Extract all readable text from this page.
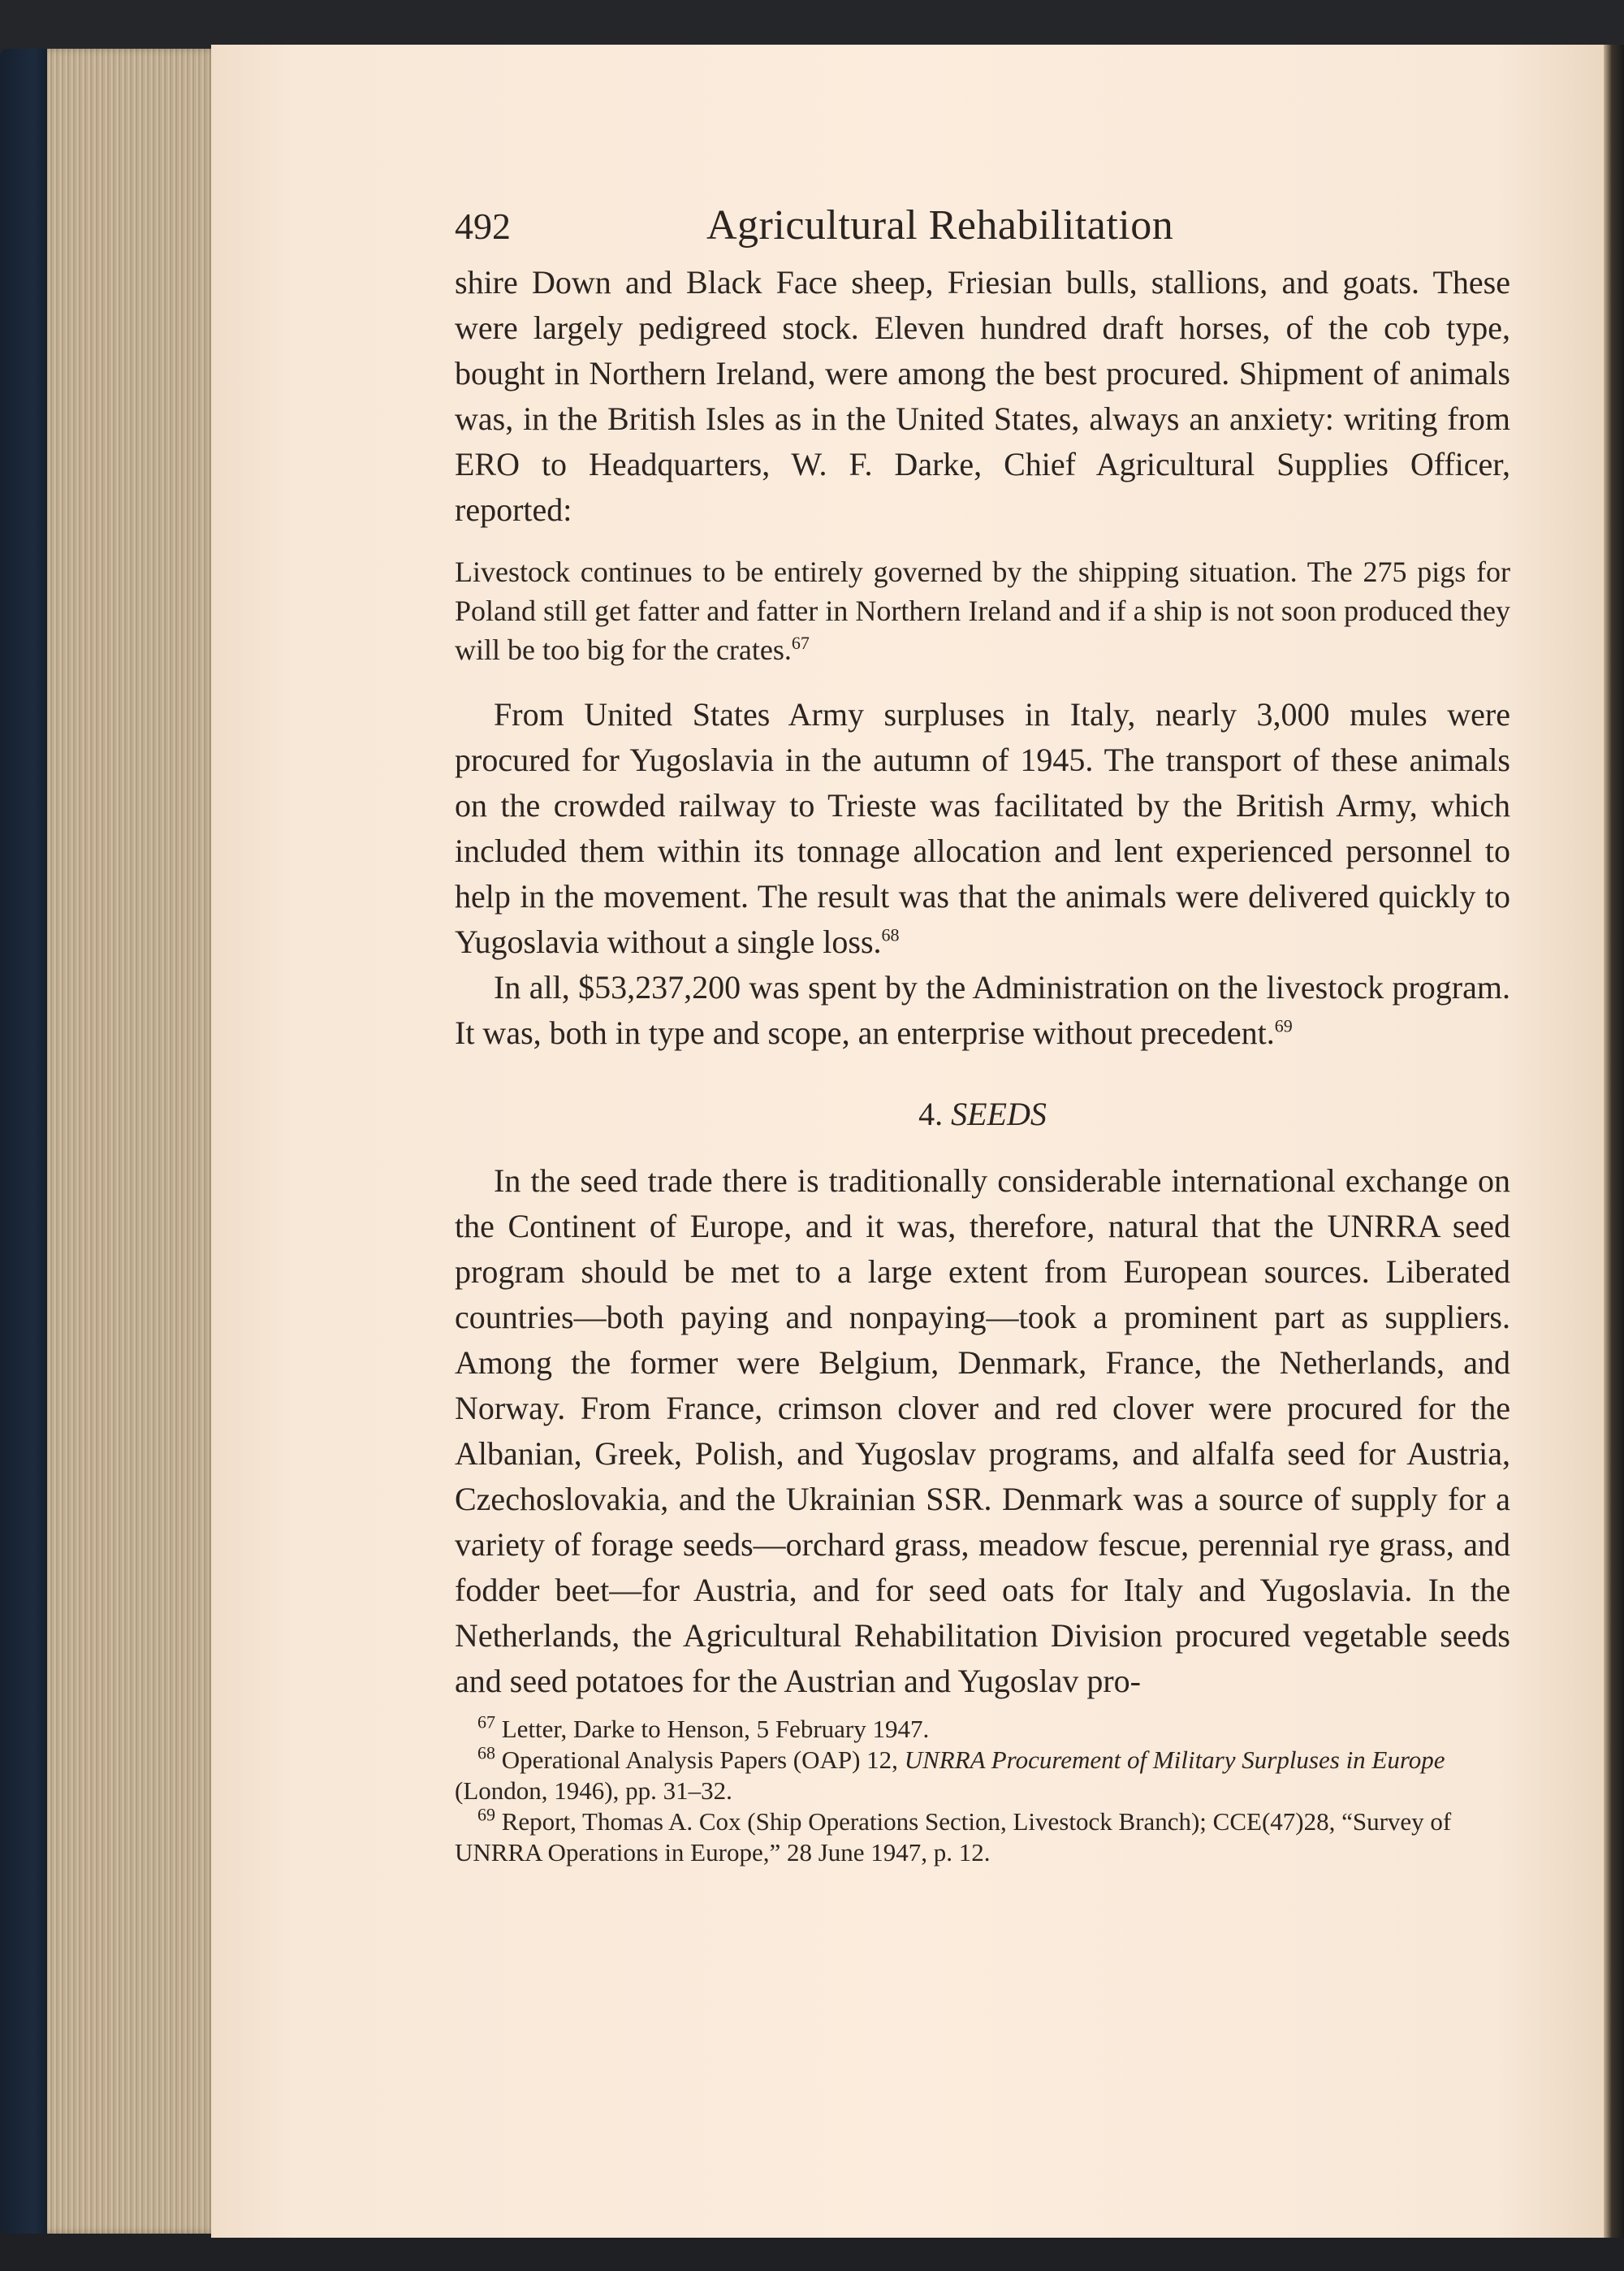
492	Agricultural Rehabilitation

shire Down and Black Face sheep, Friesian bulls, stallions, and goats. These were largely pedigreed stock. Eleven hundred draft horses, of the cob type, bought in Northern Ireland, were among the best procured. Shipment of animals was, in the British Isles as in the United States, always an anxiety: writing from ERO to Headquarters, W. F. Darke, Chief Agricultural Supplies Officer, reported:

Livestock continues to be entirely governed by the shipping situation. The 275 pigs for Poland still get fatter and fatter in Northern Ireland and if a ship is not soon produced they will be too big for the crates.$^{67}$

From United States Army surpluses in Italy, nearly 3,000 mules were procured for Yugoslavia in the autumn of 1945. The transport of these animals on the crowded railway to Trieste was facilitated by the British Army, which included them within its tonnage allocation and lent experienced personnel to help in the movement. The result was that the animals were delivered quickly to Yugoslavia without a single loss.$^{68}$

In all, $53,237,200 was spent by the Administration on the livestock program. It was, both in type and scope, an enterprise without precedent.$^{69}$

4. SEEDS

In the seed trade there is traditionally considerable international exchange on the Continent of Europe, and it was, therefore, natural that the UNRRA seed program should be met to a large extent from European sources. Liberated countries—both paying and nonpaying—took a prominent part as suppliers. Among the former were Belgium, Denmark, France, the Netherlands, and Norway. From France, crimson clover and red clover were procured for the Albanian, Greek, Polish, and Yugoslav programs, and alfalfa seed for Austria, Czechoslovakia, and the Ukrainian SSR. Denmark was a source of supply for a variety of forage seeds—orchard grass, meadow fescue, perennial rye grass, and fodder beet—for Austria, and for seed oats for Italy and Yugoslavia. In the Netherlands, the Agricultural Rehabilitation Division procured vegetable seeds and seed potatoes for the Austrian and Yugoslav pro-

$^{67}$ Letter, Darke to Henson, 5 February 1947.

$^{68}$ Operational Analysis Papers (OAP) 12, UNRRA Procurement of Military Surpluses in Europe (London, 1946), pp. 31–32.

$^{69}$ Report, Thomas A. Cox (Ship Operations Section, Livestock Branch); CCE(47)28, “Survey of UNRRA Operations in Europe,” 28 June 1947, p. 12.
